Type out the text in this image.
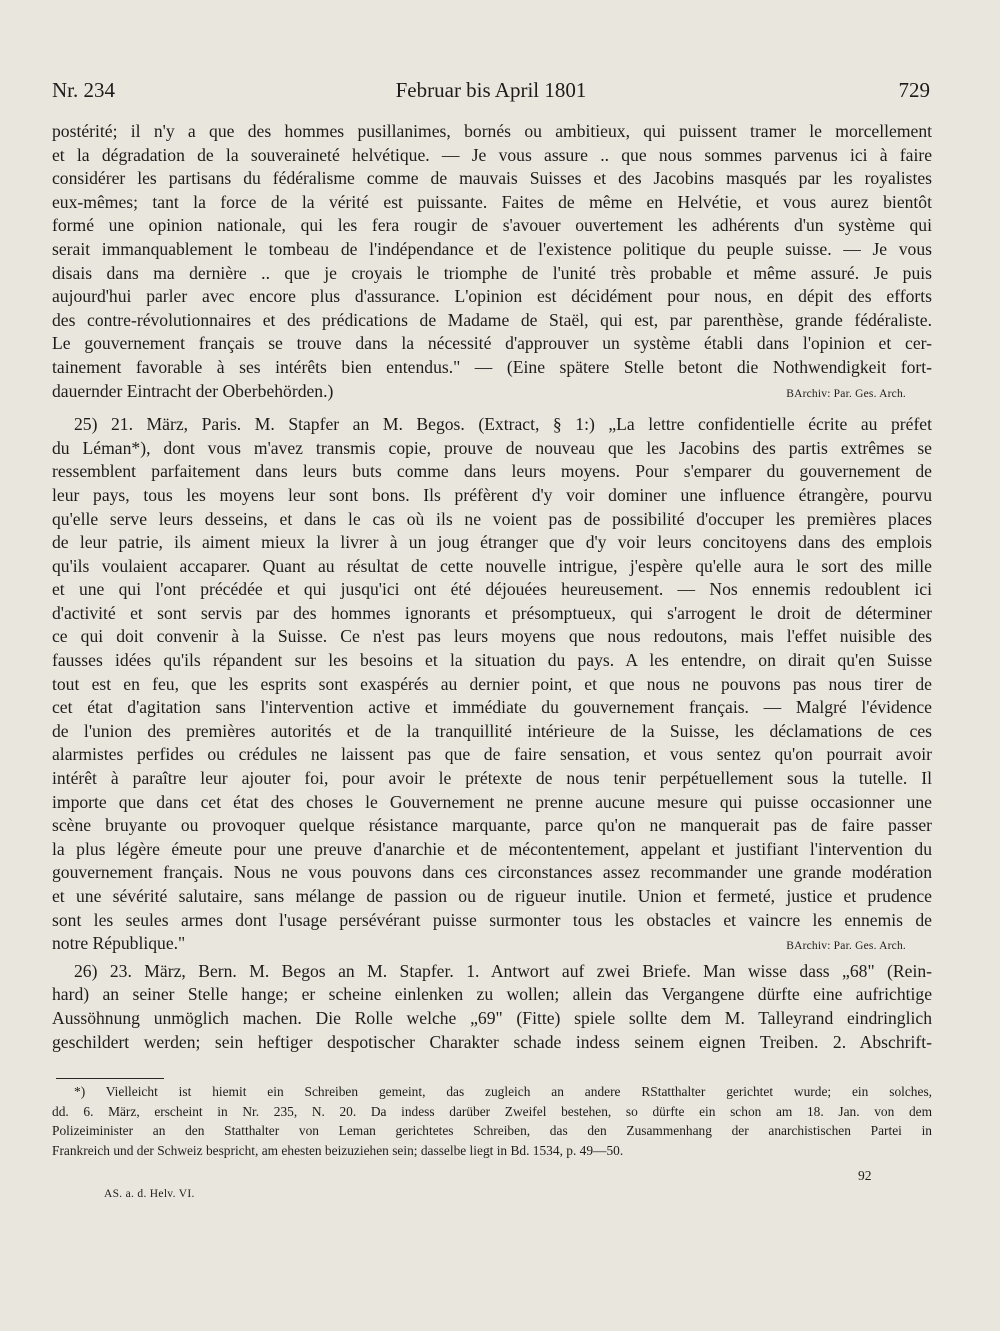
Nr. 234	Februar bis April 1801	729
postérité; il n'y a que des hommes pusillanimes, bornés ou ambitieux, qui puissent tramer le morcellement
et la dégradation de la souveraineté helvétique. — Je vous assure .. que nous sommes parvenus ici à faire
considérer les partisans du fédéralisme comme de mauvais Suisses et des Jacobins masqués par les royalistes
eux-mêmes; tant la force de la vérité est puissante. Faites de même en Helvétie, et vous aurez bientôt
formé une opinion nationale, qui les fera rougir de s'avouer ouvertement les adhérents d'un système qui
serait immanquablement le tombeau de l'indépendance et de l'existence politique du peuple suisse. — Je vous
disais dans ma dernière .. que je croyais le triomphe de l'unité très probable et même assuré. Je puis
aujourd'hui parler avec encore plus d'assurance. L'opinion est décidément pour nous, en dépit des efforts
des contre-révolutionnaires et des prédications de Madame de Staël, qui est, par parenthèse, grande fédéraliste.
Le gouvernement français se trouve dans la nécessité d'approuver un système établi dans l'opinion et cer-
tainement favorable à ses intérêts bien entendus." — (Eine spätere Stelle betont die Nothwendigkeit fort-
dauernder Eintracht der Oberbehörden.)	BArchiv: Par. Ges. Arch.
25) 21. März, Paris. M. Stapfer an M. Begos. (Extract, § 1:) „La lettre confidentielle écrite au préfet
du Léman*), dont vous m'avez transmis copie, prouve de nouveau que les Jacobins des partis extrêmes se
ressemblent parfaitement dans leurs buts comme dans leurs moyens. Pour s'emparer du gouvernement de
leur pays, tous les moyens leur sont bons. Ils préfèrent d'y voir dominer une influence étrangère, pourvu
qu'elle serve leurs desseins, et dans le cas où ils ne voient pas de possibilité d'occuper les premières places
de leur patrie, ils aiment mieux la livrer à un joug étranger que d'y voir leurs concitoyens dans des emplois
qu'ils voulaient accaparer. Quant au résultat de cette nouvelle intrigue, j'espère qu'elle aura le sort des mille
et une qui l'ont précédée et qui jusqu'ici ont été déjouées heureusement. — Nos ennemis redoublent ici
d'activité et sont servis par des hommes ignorants et présomptueux, qui s'arrogent le droit de déterminer
ce qui doit convenir à la Suisse. Ce n'est pas leurs moyens que nous redoutons, mais l'effet nuisible des
fausses idées qu'ils répandent sur les besoins et la situation du pays. A les entendre, on dirait qu'en Suisse
tout est en feu, que les esprits sont exaspérés au dernier point, et que nous ne pouvons pas nous tirer de
cet état d'agitation sans l'intervention active et immédiate du gouvernement français. — Malgré l'évidence
de l'union des premières autorités et de la tranquillité intérieure de la Suisse, les déclamations de ces
alarmistes perfides ou crédules ne laissent pas que de faire sensation, et vous sentez qu'on pourrait avoir
intérêt à paraître leur ajouter foi, pour avoir le prétexte de nous tenir perpétuellement sous la tutelle. Il
importe que dans cet état des choses le Gouvernement ne prenne aucune mesure qui puisse occasionner une
scène bruyante ou provoquer quelque résistance marquante, parce qu'on ne manquerait pas de faire passer
la plus légère émeute pour une preuve d'anarchie et de mécontentement, appelant et justifiant l'intervention du
gouvernement français. Nous ne vous pouvons dans ces circonstances assez recommander une grande modération
et une sévérité salutaire, sans mélange de passion ou de rigueur inutile. Union et fermeté, justice et prudence
sont les seules armes dont l'usage persévérant puisse surmonter tous les obstacles et vaincre les ennemis de
notre République."	BArchiv: Par. Ges. Arch.
26) 23. März, Bern. M. Begos an M. Stapfer. 1. Antwort auf zwei Briefe. Man wisse dass „68" (Rein-
hard) an seiner Stelle hange; er scheine einlenken zu wollen; allein das Vergangene dürfte eine aufrichtige
Aussöhnung unmöglich machen. Die Rolle welche „69" (Fitte) spiele sollte dem M. Talleyrand eindringlich
geschildert werden; sein heftiger despotischer Charakter schade indess seinem eignen Treiben. 2. Abschrift-
*) Vielleicht ist hiemit ein Schreiben gemeint, das zugleich an andere RStatthalter gerichtet wurde; ein solches,
dd. 6. März, erscheint in Nr. 235, N. 20. Da indess darüber Zweifel bestehen, so dürfte ein schon am 18. Jan. von dem
Polizeiminister an den Statthalter von Leman gerichtetes Schreiben, das den Zusammenhang der anarchistischen Partei in
Frankreich und der Schweiz bespricht, am ehesten beizuziehen sein; dasselbe liegt in Bd. 1534, p. 49—50.
92
AS. a. d. Helv. VI.
